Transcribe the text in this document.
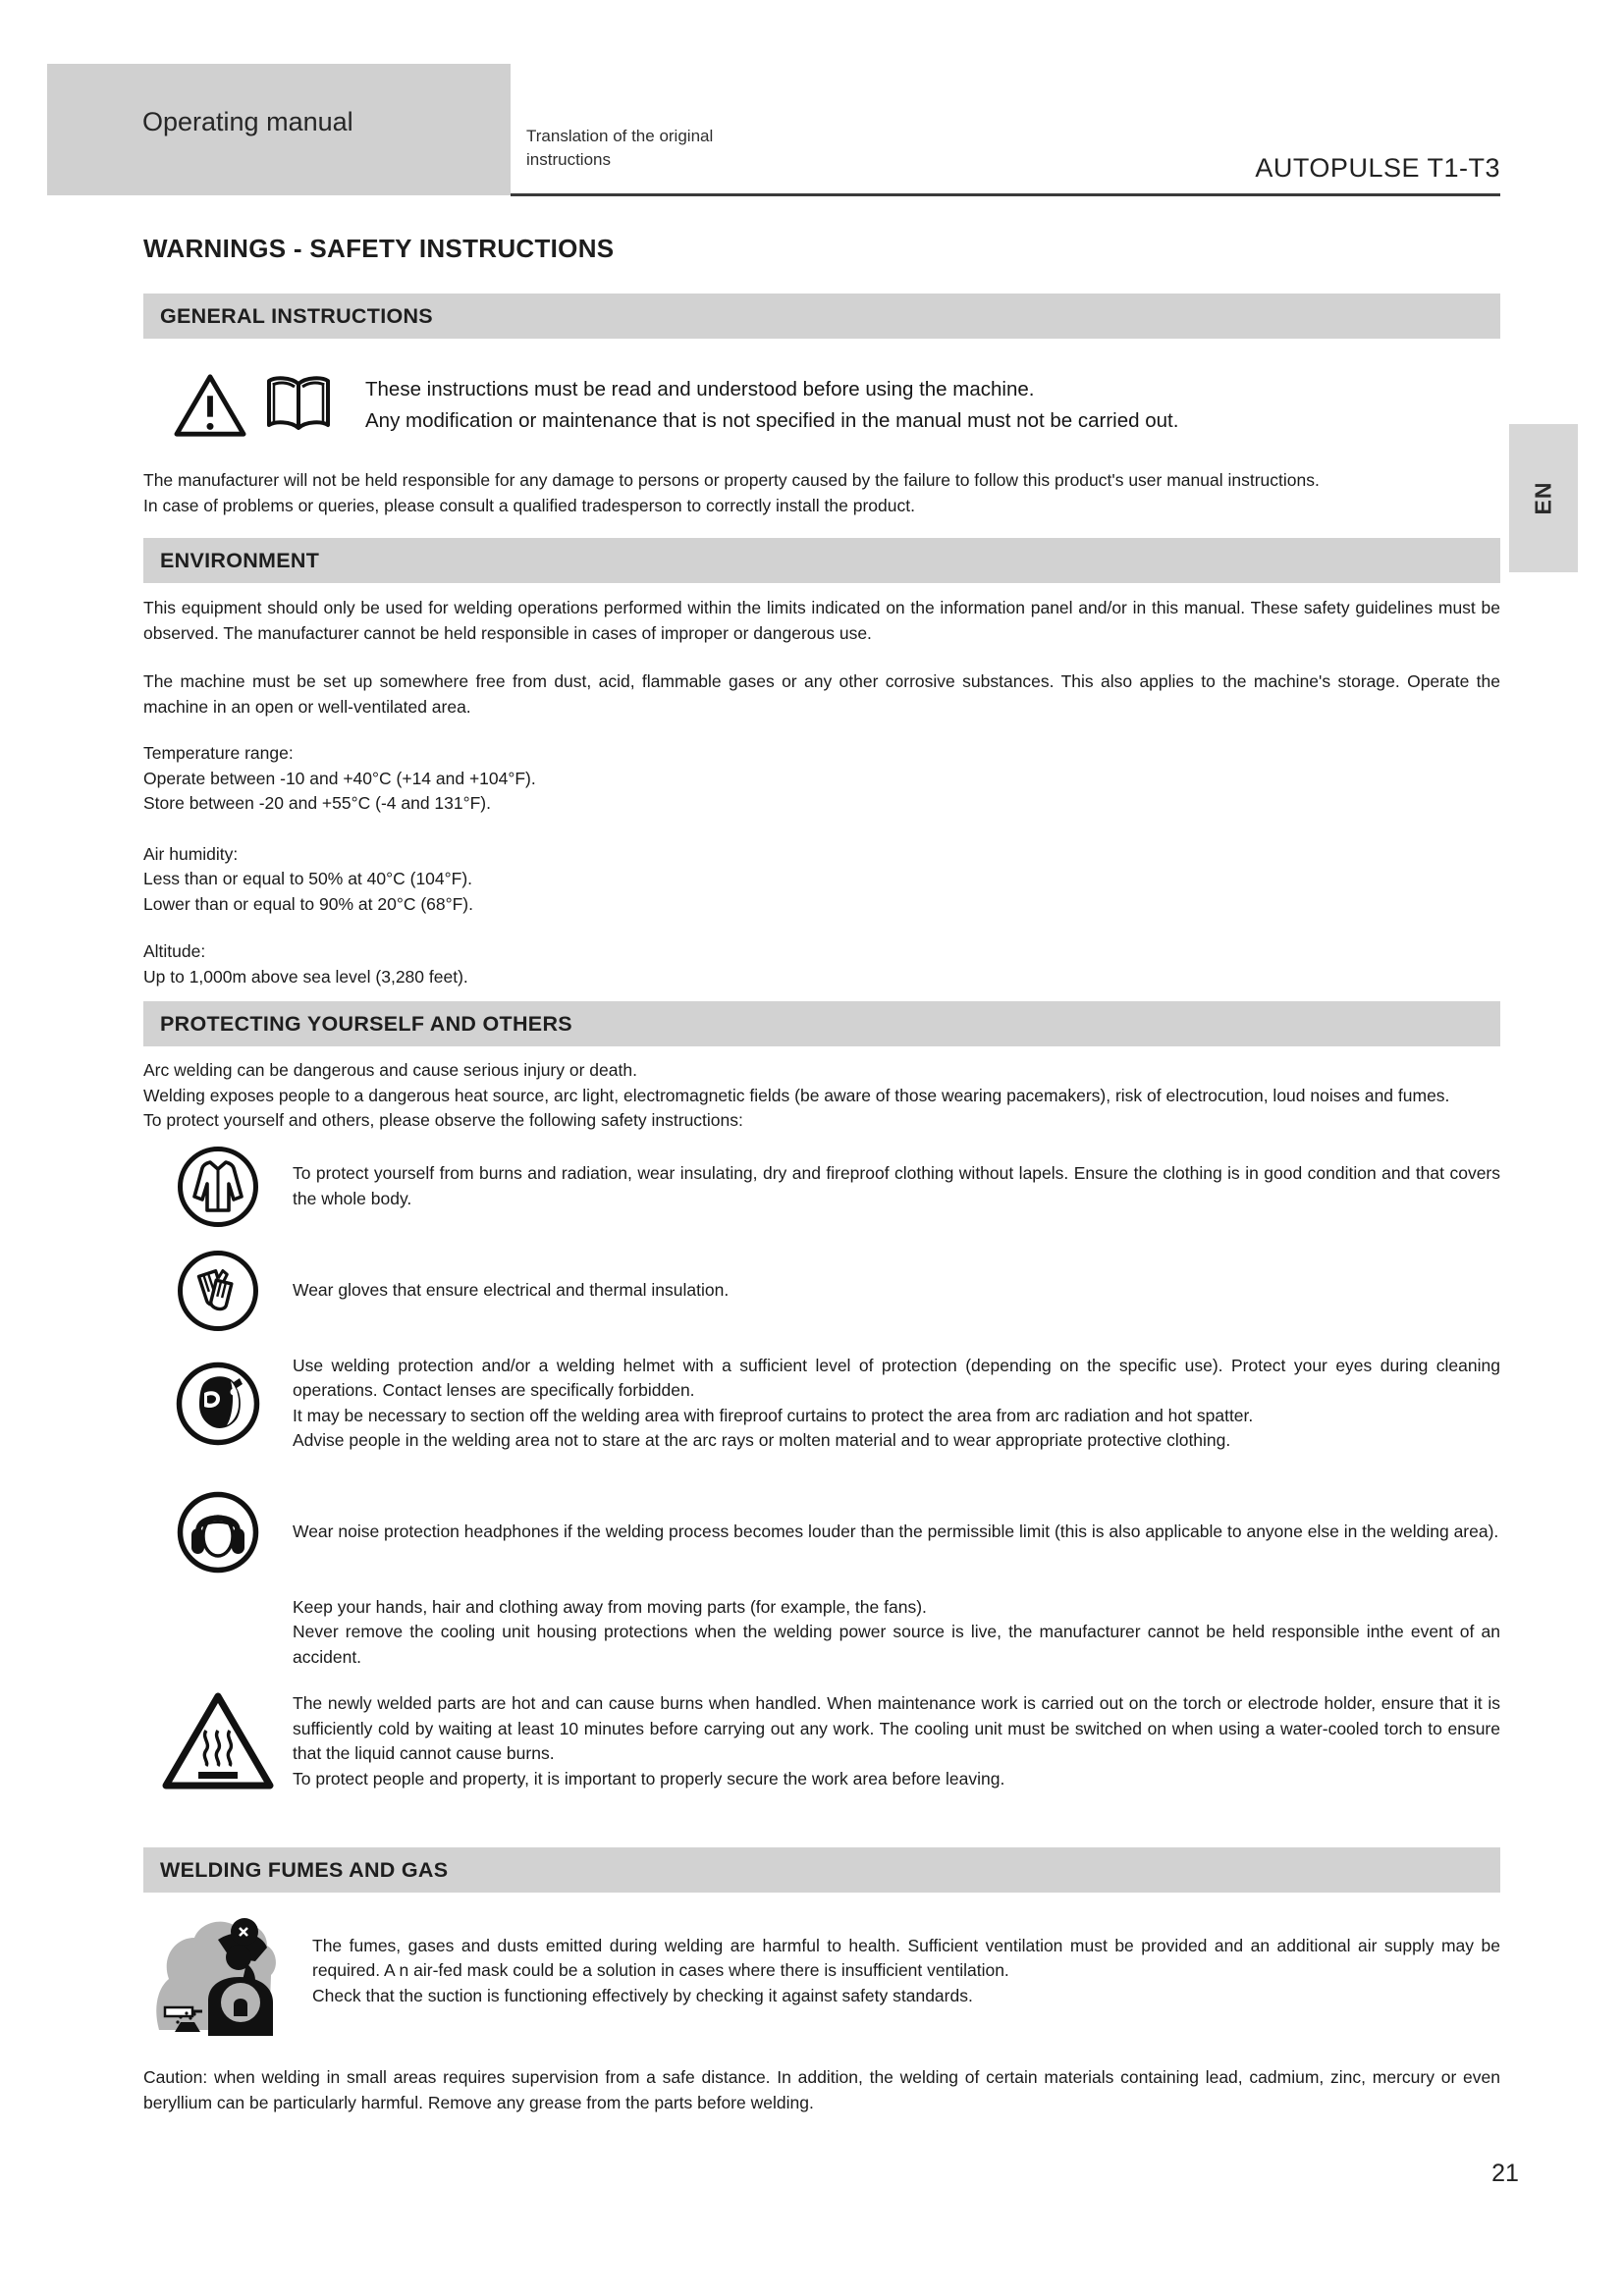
Operating manual	Translation of the original instructions	AUTOPULSE T1-T3
EN
21
WARNINGS - SAFETY INSTRUCTIONS
GENERAL INSTRUCTIONS

These instructions must be read and understood before using the machine.

Any modification or maintenance that is not specified in the manual must not be carried out.

The manufacturer will not be held responsible for any damage to persons or property caused by the failure to follow this product's user manual instructions.

In case of problems or queries, please consult a qualified tradesperson to correctly install the product.

ENVIRONMENT

This equipment should only be used for welding operations performed within the limits indicated on the information panel and/or in this manual. These safety guidelines must be observed. The manufacturer cannot be held responsible in cases of improper or dangerous use.

The machine must be set up somewhere free from dust, acid, flammable gases or any other corrosive substances. This also applies to the machine's storage. Operate the machine in an open or well-ventilated area.

Temperature range:

Operate between -10 and +40°C (+14 and +104°F).

Store between -20 and +55°C (-4 and 131°F).

Air humidity:

Less than or equal to 50% at 40°C (104°F).

Lower than or equal to 90% at 20°C (68°F).

Altitude:

Up to 1,000m above sea level (3,280 feet).

PROTECTING YOURSELF AND OTHERS

Arc welding can be dangerous and cause serious injury or death.

Welding exposes people to a dangerous heat source, arc light, electromagnetic fields (be aware of those wearing pacemakers), risk of electrocution, loud noises and fumes.

To protect yourself and others, please observe the following safety instructions:

To protect yourself from burns and radiation, wear insulating, dry and fireproof clothing without lapels. Ensure the clothing is in good condition and that covers the whole body.

Wear gloves that ensure electrical and thermal insulation.

Use welding protection and/or a welding helmet with a sufficient level of protection (depending on the specific use). Protect your eyes during cleaning operations. Contact lenses are specifically forbidden.

It may be necessary to section off the welding area with fireproof curtains to protect the area from arc radiation and hot spatter.

Advise people in the welding area not to stare at the arc rays or molten material and to wear appropriate protective clothing.

Wear noise protection headphones if the welding process becomes louder than the permissible limit (this is also applicable to anyone else in the welding area).

Keep your hands, hair and clothing away from moving parts (for example, the fans).

Never remove the cooling unit housing protections when the welding power source is live, the manufacturer cannot be held responsible inthe event of an accident.

The newly welded parts are hot and can cause burns when handled. When maintenance work is carried out on the torch or electrode holder, ensure that it is sufficiently cold by waiting at least 10 minutes before carrying out any work. The cooling unit must be switched on when using a water-cooled torch to ensure that the liquid cannot cause burns.

To protect people and property, it is important to properly secure the work area before leaving.

WELDING FUMES AND GAS

The fumes, gases and dusts emitted during welding are harmful to health. Sufficient ventilation must be provided and an additional air supply may be required. A n air-fed mask could be a solution in cases where there is insufficient ventilation.

Check that the suction is functioning effectively by checking it against safety standards.

Caution: when welding in small areas requires supervision from a safe distance. In addition, the welding of certain materials containing lead, cadmium, zinc, mercury or even beryllium can be particularly harmful. Remove any grease from the parts before welding.
